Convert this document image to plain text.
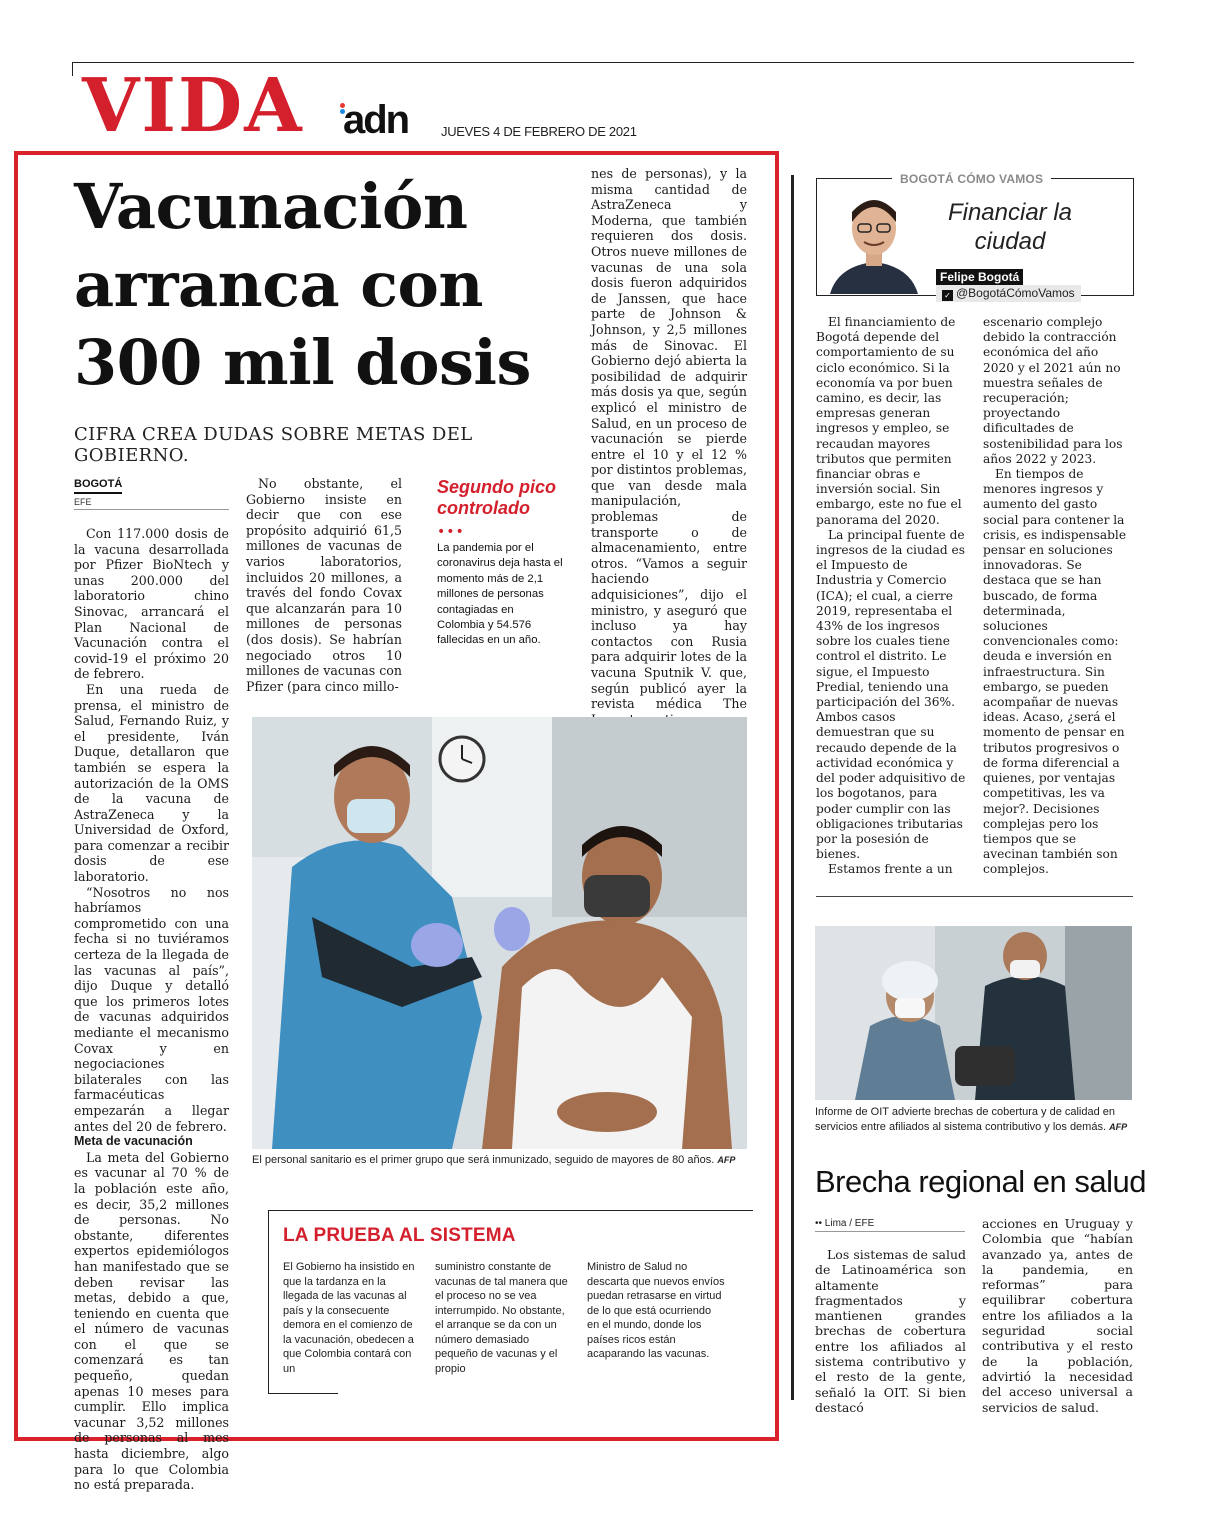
VIDA adn	JUEVES 4 DE FEBRERO DE 2021
Vacunación
arranca con
300 mil dosis
CIFRA CREA DUDAS SOBRE METAS DEL GOBIERNO.
BOGOTÁ
EFE

Con 117.000 dosis de la vacuna desarrollada por Pfizer BioNtech y unas 200.000 del laboratorio chino Sinovac, arrancará el Plan Nacional de Vacunación contra el covid-19 el próximo 20 de febrero.

En una rueda de prensa, el ministro de Salud, Fernando Ruiz, y el presidente, Iván Duque, detallaron que también se espera la autorización de la OMS de la vacuna de AstraZeneca y la Universidad de Oxford, para comenzar a recibir dosis de ese laboratorio.

“Nosotros no nos habríamos comprometido con una fecha si no tuviéramos certeza de la llegada de las vacunas al país”, dijo Duque y detalló que los primeros lotes de vacunas adquiridos mediante el mecanismo Covax y en negociaciones bilaterales con las farmacéuticas empezarán a llegar antes del 20 de febrero.

Meta de vacunación

La meta del Gobierno es vacunar al 70 % de la población este año, es decir, 35,2 millones de personas. No obstante, diferentes expertos epidemiólogos han manifestado que se deben revisar las metas, debido a que, teniendo en cuenta que el número de vacunas con el que se comenzará es tan pequeño, quedan apenas 10 meses para cumplir. Ello implica vacunar 3,52 millones de personas al mes hasta diciembre, algo para lo que Colombia no está preparada.

No obstante, el Gobierno insiste en decir que con ese propósito adquirió 61,5 millones de vacunas de varios laboratorios, incluidos 20 millones, a través del fondo Covax que alcanzarán para 10 millones de personas (dos dosis). Se habrían negociado otros 10 millones de vacunas con Pfizer (para cinco millo-

Segundo pico controlado
•••
La pandemia por el coronavirus deja hasta el momento más de 2,1 millones de personas contagiadas en Colombia y 54.576 fallecidas en un año.

nes de personas), y la misma cantidad de AstraZeneca y Moderna, que también requieren dos dosis. Otros nueve millones de vacunas de una sola dosis fueron adquiridos de Janssen, que hace parte de Johnson & Johnson, y 2,5 millones más de Sinovac. El Gobierno dejó abierta la posibilidad de adquirir más dosis ya que, según explicó el ministro de Salud, en un proceso de vacunación se pierde entre el 10 y el 12 % por distintos problemas, que van desde mala manipulación, problemas de transporte o de almacenamiento, entre otros. “Vamos a seguir haciendo adquisiciones”, dijo el ministro, y aseguró que incluso ya hay contactos con Rusia para adquirir lotes de la vacuna Sputnik V. que, según publicó ayer la revista médica The

El personal sanitario es el primer grupo que será inmunizado, seguido de mayores de 80 años. AFP
LA PRUEBA AL SISTEMA
El Gobierno ha insistido en que la tardanza en la llegada de las vacunas al país y la consecuente demora en el comienzo de la vacunación, obedecen a que Colombia contará con un
suministro constante de vacunas de tal manera que el proceso no se vea interrumpido. No obstante, el arranque se da con un número demasiado pequeño de vacunas y el propio
Ministro de Salud no descarta que nuevos envíos puedan retrasarse en virtud de lo que está ocurriendo en el mundo, donde los países ricos están acaparando las vacunas.
BOGOTÁ CÓMO VAMOS
Financiar la ciudad
Felipe Bogotá
✓ @BogotáCómoVamos

El financiamiento de Bogotá depende del comportamiento de su ciclo económico. Si la economía va por buen camino, es decir, las empresas generan ingresos y empleo, se recaudan mayores tributos que permiten financiar obras e inversión social. Sin embargo, este no fue el panorama del 2020.

La principal fuente de ingresos de la ciudad es el Impuesto de Industria y Comercio (ICA); el cual, a cierre 2019, representaba el 43% de los ingresos sobre los cuales tiene control el distrito. Le sigue, el Impuesto Predial, teniendo una participación del 36%. Ambos casos demuestran que su recaudo depende de la actividad económica y del poder adquisitivo de los bogotanos, para poder cumplir con las obligaciones tributarias por la posesión de bienes.

Estamos frente a un

escenario complejo debido la contracción económica del año 2020 y el 2021 aún no muestra señales de recuperación; proyectando dificultades de sostenibilidad para los años 2022 y 2023.

En tiempos de menores ingresos y aumento del gasto social para contener la crisis, es indispensable pensar en soluciones innovadoras. Se destaca que se han buscado, de forma determinada, soluciones convencionales como: deuda e inversión en infraestructura. Sin embargo, se pueden acompañar de nuevas ideas. Acaso, ¿será el momento de pensar en tributos progresivos o de forma diferencial a quienes, por ventajas competitivas, les va mejor?. Decisiones complejas pero los tiempos que se avecinan también son complejos.

Informe de OIT advierte brechas de cobertura y de calidad en servicios entre afiliados al sistema contributivo y los demás. AFP
Brecha regional en salud
•• Lima / EFE

Los sistemas de salud de Latinoamérica son altamente fragmentados y mantienen grandes brechas de cobertura entre los afiliados al sistema contributivo y el resto de la gente, señaló la OIT. Si bien destacó

acciones en Uruguay y Colombia que “habían avanzado ya, antes de la pandemia, en reformas” para equilibrar cobertura entre los afiliados a la seguridad social contributiva y el resto de la población, advirtió la necesidad del acceso universal a servicios de salud.
